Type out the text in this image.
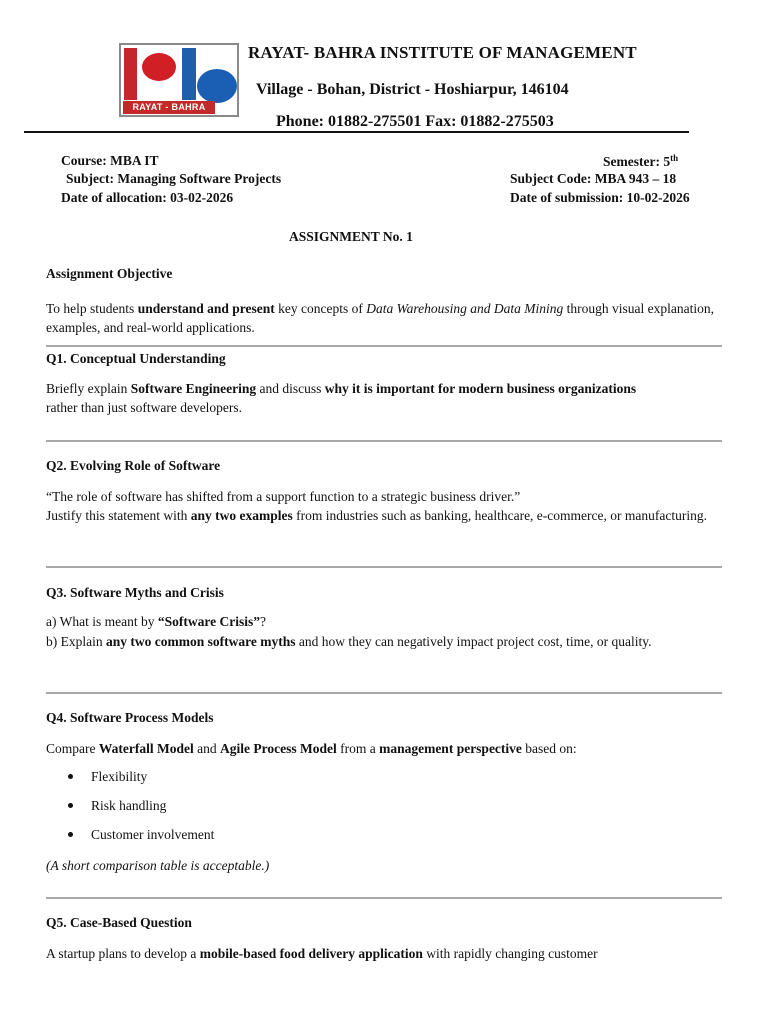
RAYAT - BAHRA
RAYAT- BAHRA INSTITUTE OF MANAGEMENT
Village - Bohan, District - Hoshiarpur, 146104
Phone: 01882-275501 Fax: 01882-275503
Course: MBA IT
Subject: Managing Software Projects
Date of allocation: 03-02-2026
Semester: 5th
Subject Code: MBA 943 – 18
Date of submission: 10-02-2026
ASSIGNMENT No. 1
Assignment Objective
To help students understand and present key concepts of Data Warehousing and Data Mining through visual explanation, examples, and real-world applications.
Q1. Conceptual Understanding
Briefly explain Software Engineering and discuss why it is important for modern business organizations rather than just software developers.
Q2. Evolving Role of Software
“The role of software has shifted from a support function to a strategic business driver.”
Justify this statement with any two examples from industries such as banking, healthcare, e-commerce, or manufacturing.
Q3. Software Myths and Crisis
a) What is meant by “Software Crisis”?
b) Explain any two common software myths and how they can negatively impact project cost, time, or quality.
Q4. Software Process Models
Compare Waterfall Model and Agile Process Model from a management perspective based on:
Flexibility
Risk handling
Customer involvement
(A short comparison table is acceptable.)
Q5. Case-Based Question
A startup plans to develop a mobile-based food delivery application with rapidly changing customer
